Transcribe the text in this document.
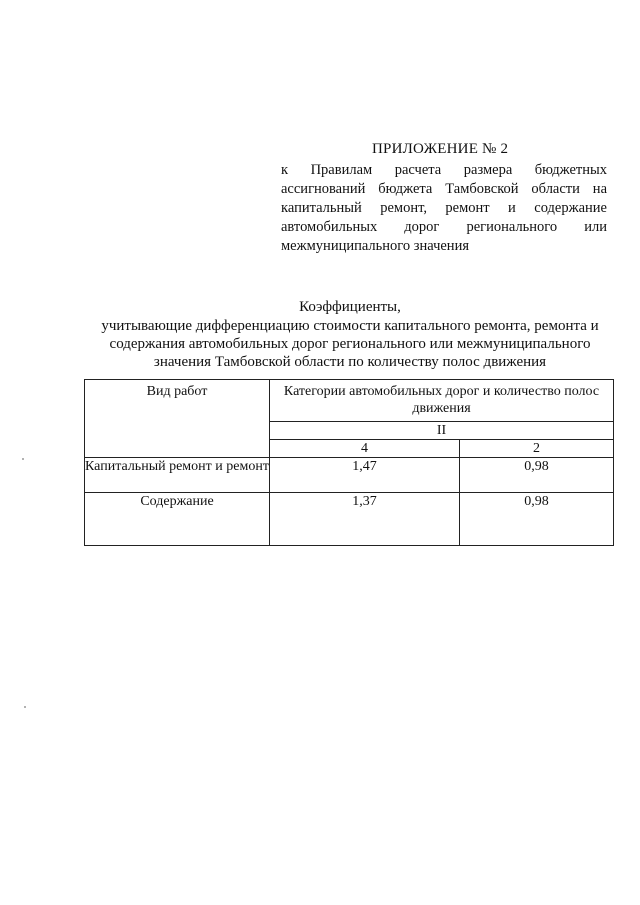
ПРИЛОЖЕНИЕ № 2
к Правилам расчета размера бюджетных
ассигнований бюджета Тамбовской области на
капитальный ремонт, ремонт и содержание
автомобильных дорог регионального или
межмуниципального значения
Коэффициенты,
учитывающие дифференциацию стоимости капитального ремонта, ремонта и
содержания автомобильных дорог регионального или межмуниципального
значения Тамбовской области по количеству полос движения
Вид работ	Категории автомобильных дорог и количество полос движения	
	II	
	4	2
Капитальный ремонт и ремонт	1,47	0,98
Содержание	1,37	0,98
